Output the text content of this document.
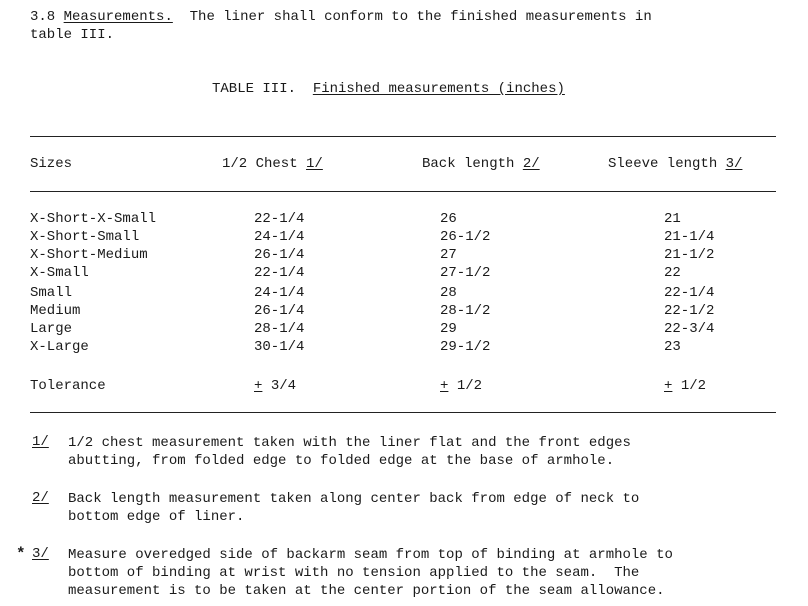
3.8 Measurements. The liner shall conform to the finished measurements in
table III.
TABLE III. Finished measurements (inches)
Sizes	1/2 Chest 1/	Back length 2/	Sleeve length 3/
X-Short-X-Small	22-1/4	26	21
X-Short-Small	24-1/4	26-1/2	21-1/4
X-Short-Medium	26-1/4	27	21-1/2
X-Small	22-1/4	27-1/2	22
Small	24-1/4	28	22-1/4
Medium	26-1/4	28-1/2	22-1/2
Large	28-1/4	29	22-3/4
X-Large	30-1/4	29-1/2	23
Tolerance	+ 3/4	+ 1/2	+ 1/2
1/ 1/2 chest measurement taken with the liner flat and the front edges
abutting, from folded edge to folded edge at the base of armhole.
2/ Back length measurement taken along center back from edge of neck to
bottom edge of liner.
* 3/ Measure overedged side of backarm seam from top of binding at armhole to
bottom of binding at wrist with no tension applied to the seam.  The
measurement is to be taken at the center portion of the seam allowance.
